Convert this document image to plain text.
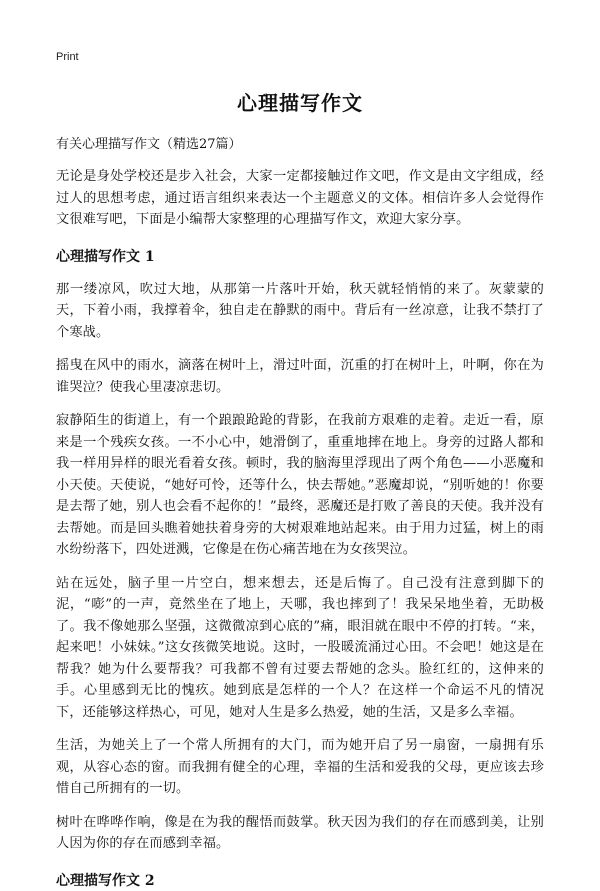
Print
心理描写作文

有关心理描写作文（精选27篇）

无论是身处学校还是步入社会，大家一定都接触过作文吧，作文是由文字组成，经过人的思想考虑，通过语言组织来表达一个主题意义的文体。相信许多人会觉得作文很难写吧，下面是小编帮大家整理的心理描写作文，欢迎大家分享。

心理描写作文 1

那一缕凉风，吹过大地，从那第一片落叶开始，秋天就轻悄悄的来了。灰蒙蒙的天，下着小雨，我撑着伞，独自走在静默的雨中。背后有一丝凉意，让我不禁打了个寒战。

摇曳在风中的雨水，滴落在树叶上，滑过叶面，沉重的打在树叶上，叶啊，你在为谁哭泣？使我心里凄凉悲切。

寂静陌生的街道上，有一个踉踉跄跄的背影，在我前方艰难的走着。走近一看，原来是一个残疾女孩。一不小心中，她滑倒了，重重地摔在地上。身旁的过路人都和我一样用异样的眼光看着女孩。顿时，我的脑海里浮现出了两个角色——小恶魔和小天使。天使说，“她好可怜，还等什么，快去帮她。”恶魔却说，“别听她的！你要是去帮了她，别人也会看不起你的！”最终，恶魔还是打败了善良的天使。我并没有去帮她。而是回头瞧着她扶着身旁的大树艰难地站起来。由于用力过猛，树上的雨水纷纷落下，四处迸溅，它像是在伤心痛苦地在为女孩哭泣。

站在远处，脑子里一片空白，想来想去，还是后悔了。自己没有注意到脚下的泥，“嘭”的一声，竟然坐在了地上，天哪，我也摔到了！我呆呆地坐着，无助极了。我不像她那么坚强，这微微凉到心底的”痛，眼泪就在眼中不停的打转。“来，起来吧！小妹妹。”这女孩微笑地说。这时，一股暖流涌过心田。不会吧！她这是在帮我？她为什么要帮我？可我都不曾有过要去帮她的念头。脸红红的，这伸来的手。心里感到无比的愧疚。她到底是怎样的一个人？在这样一个命运不凡的情况下，还能够这样热心，可见，她对人生是多么热爱，她的生活，又是多么幸福。

生活，为她关上了一个常人所拥有的大门，而为她开启了另一扇窗，一扇拥有乐观，从容心态的窗。而我拥有健全的心理，幸福的生活和爱我的父母，更应该去珍惜自己所拥有的一切。

树叶在哗哗作响，像是在为我的醒悟而鼓掌。秋天因为我们的存在而感到美，让别人因为你的存在而感到幸福。

心理描写作文 2
